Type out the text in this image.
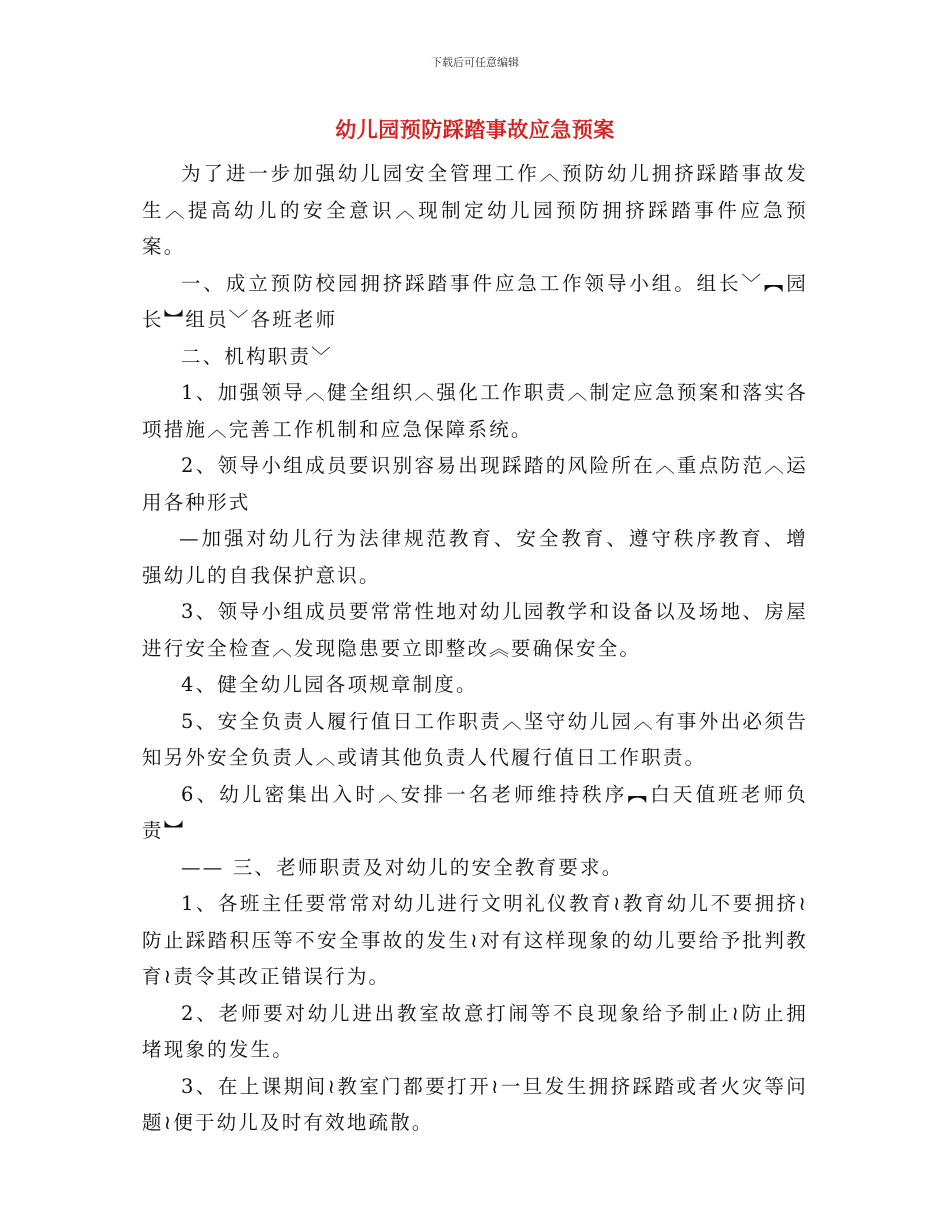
下载后可任意编辑
幼儿园预防踩踏事故应急预案

为了进一步加强幼儿园安全管理工作︿预防幼儿拥挤踩踏事故发生︿提高幼儿的安全意识︿现制定幼儿园预防拥挤踩踏事件应急预案。

一、成立预防校园拥挤踩踏事件应急工作领导小组。组长﹀︻园长︼组员﹀各班老师

二、机构职责﹀

1、加强领导︿健全组织︿强化工作职责︿制定应急预案和落实各项措施︿完善工作机制和应急保障系统。

2、领导小组成员要识别容易出现踩踏的风险所在︿重点防范︿运用各种形式

—加强对幼儿行为法律规范教育、安全教育、遵守秩序教育、增强幼儿的自我保护意识。

3、领导小组成员要常常性地对幼儿园教学和设备以及场地、房屋进行安全检查︿发现隐患要立即整改︽要确保安全。

4、健全幼儿园各项规章制度。

5、安全负责人履行值日工作职责︿坚守幼儿园︿有事外出必须告知另外安全负责人︿或请其他负责人代履行值日工作职责。

6、幼儿密集出入时︿安排一名老师维持秩序︻白天值班老师负责︼

—— 三、老师职责及对幼儿的安全教育要求。

1、各班主任要常常对幼儿进行文明礼仪教育≀教育幼儿不要拥挤≀防止踩踏积压等不安全事故的发生≀对有这样现象的幼儿要给予批判教育≀责令其改正错误行为。

2、老师要对幼儿进出教室故意打闹等不良现象给予制止≀防止拥堵现象的发生。

3、在上课期间≀教室门都要打开≀一旦发生拥挤踩踏或者火灾等问题≀便于幼儿及时有效地疏散。
